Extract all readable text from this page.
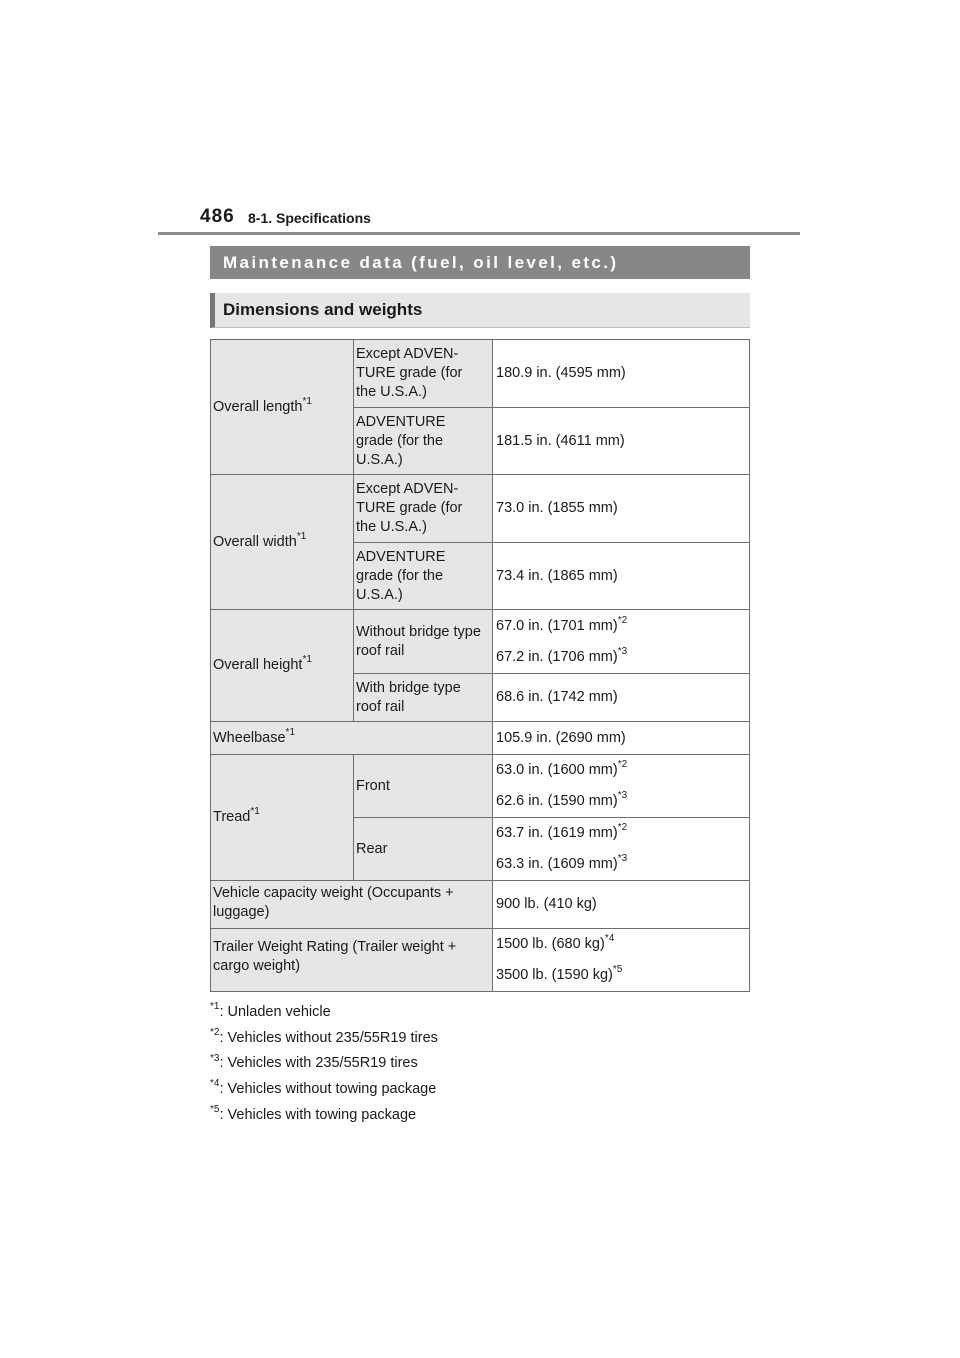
486 8-1. Specifications
Maintenance data (fuel, oil level, etc.)
Dimensions and weights
Overall length$^{*1}$	Except ADVEN-TURE grade (for the U.S.A.)	180.9 in. (4595 mm)
	ADVENTURE grade (for the U.S.A.)	181.5 in. (4611 mm)
Overall width$^{*1}$	Except ADVEN-TURE grade (for the U.S.A.)	73.0 in. (1855 mm)
	ADVENTURE grade (for the U.S.A.)	73.4 in. (1865 mm)
Overall height$^{*1}$	Without bridge type roof rail	67.0 in. (1701 mm)$^{*2}$
67.2 in. (1706 mm)$^{*3}$

	With bridge type roof rail	68.6 in. (1742 mm)
Wheelbase$^{*1}$		105.9 in. (2690 mm)
Tread$^{*1}$	Front	63.0 in. (1600 mm)$^{*2}$
62.6 in. (1590 mm)$^{*3}$

	Rear	63.7 in. (1619 mm)$^{*2}$
63.3 in. (1609 mm)$^{*3}$

Vehicle capacity weight (Occupants + luggage)		900 lb. (410 kg)
Trailer Weight Rating (Trailer weight + cargo weight)		1500 lb. (680 kg)$^{*4}$
3500 lb. (1590 kg)$^{*5}$
$^{*1}$: Unladen vehicle
$^{*2}$: Vehicles without 235/55R19 tires
$^{*3}$: Vehicles with 235/55R19 tires
$^{*4}$: Vehicles without towing package
$^{*5}$: Vehicles with towing package
